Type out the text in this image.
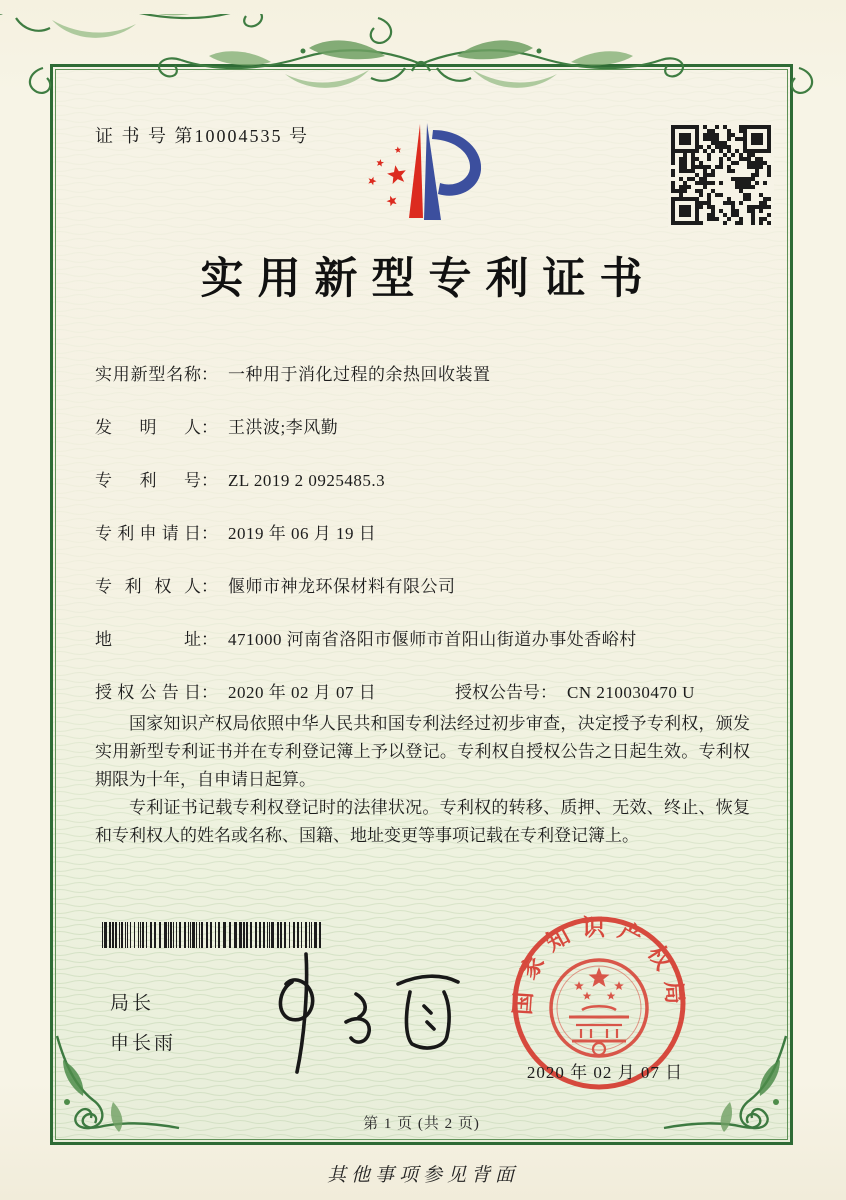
证 书 号 第10004535 号
实用新型专利证书
实用新型名称： 一种用于消化过程的余热回收装置
发明人： 王洪波;李风勤
专利号： ZL 2019 2 0925485.3
专利申请日： 2019 年 06 月 19 日
专利权人： 偃师市神龙环保材料有限公司
地址： 471000 河南省洛阳市偃师市首阳山街道办事处香峪村
授权公告日： 2020 年 02 月 07 日	授权公告号： CN 210030470 U

国家知识产权局依照中华人民共和国专利法经过初步审查，决定授予专利权，颁发实用新型专利证书并在专利登记簿上予以登记。专利权自授权公告之日起生效。专利权期限为十年，自申请日起算。

专利证书记载专利权登记时的法律状况。专利权的转移、质押、无效、终止、恢复和专利权人的姓名或名称、国籍、地址变更等事项记载在专利登记簿上。

局长
申长雨
国家知识产权局
2020 年 02 月 07 日
第 1 页 (共 2 页)
其他事项参见背面
